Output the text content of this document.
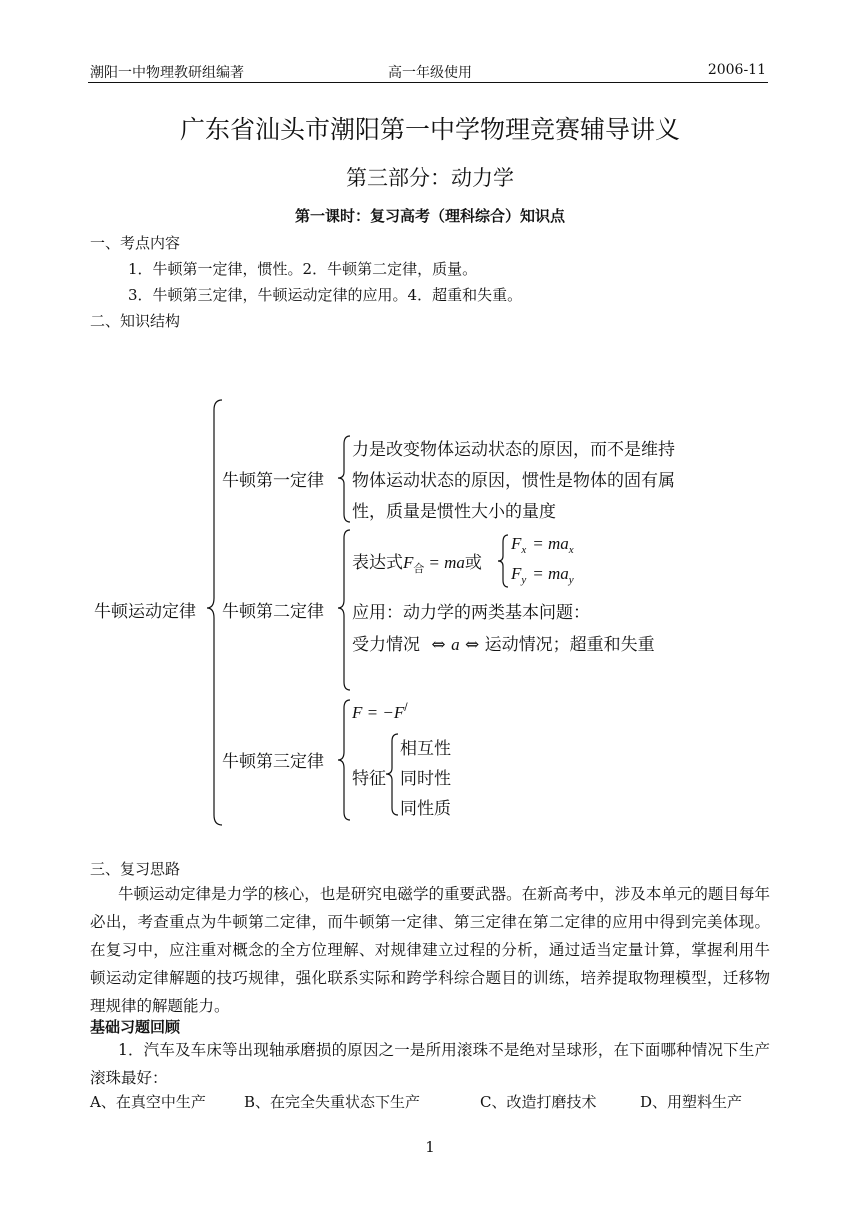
潮阳一中物理教研组编著	高一年级使用	2006-11
广东省汕头市潮阳第一中学物理竞赛辅导讲义
第三部分：动力学
第一课时：复习高考（理科综合）知识点
一、考点内容
1．牛顿第一定律，惯性。2．牛顿第二定律，质量。
3．牛顿第三定律，牛顿运动定律的应用。4．超重和失重。
二、知识结构
牛顿运动定律
牛顿第一定律
力是改变物体运动状态的原因，而不是维持
物体运动状态的原因，惯性是物体的固有属
性，质量是惯性大小的量度
牛顿第二定律
表达式$F_合$ = ma或
$F_x = ma_x$
$F_y = ma_y$
应用：动力学的两类基本问题：
受力情况 ⇔ a ⇔ 运动情况；超重和失重
牛顿第三定律
F = −F/
特征
相互性
同时性
同性质
三、复习思路
牛顿运动定律是力学的核心，也是研究电磁学的重要武器。在新高考中，涉及本单元的题目每年必出，考查重点为牛顿第二定律，而牛顿第一定律、第三定律在第二定律的应用中得到完美体现。在复习中，应注重对概念的全方位理解、对规律建立过程的分析，通过适当定量计算，掌握利用牛顿运动定律解题的技巧规律，强化联系实际和跨学科综合题目的训练，培养提取物理模型，迁移物理规律的解题能力。
基础习题回顾
1．汽车及车床等出现轴承磨损的原因之一是所用滚珠不是绝对呈球形，在下面哪种情况下生产滚珠最好：
A、在真空中生产	B、在完全失重状态下生产	C、改造打磨技术	D、用塑料生产
1
